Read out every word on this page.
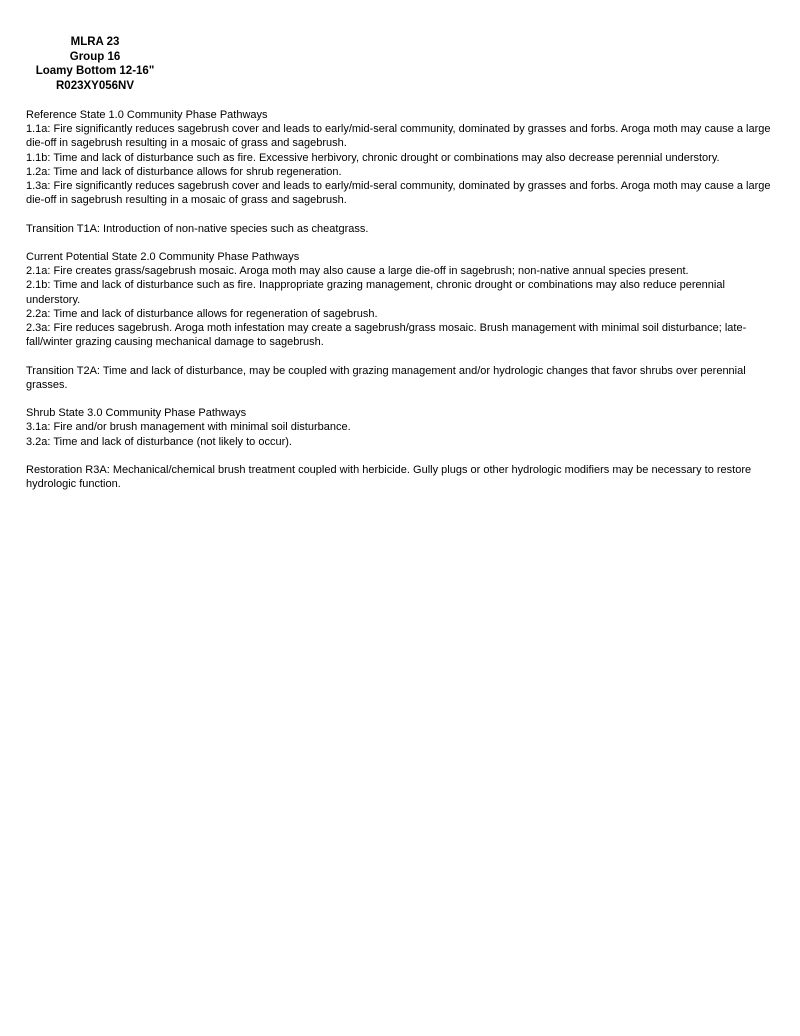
MLRA 23
Group 16
Loamy Bottom 12-16"
R023XY056NV
Reference State 1.0 Community Phase Pathways
1.1a: Fire significantly reduces sagebrush cover and leads to early/mid-seral community, dominated by grasses and forbs. Aroga moth may cause a large die-off in sagebrush resulting in a mosaic of grass and sagebrush.
1.1b: Time and lack of disturbance such as fire. Excessive herbivory, chronic drought or combinations may also decrease perennial understory.
1.2a: Time and lack of disturbance allows for shrub regeneration.
1.3a: Fire significantly reduces sagebrush cover and leads to early/mid-seral community, dominated by grasses and forbs. Aroga moth may cause a large die-off in sagebrush resulting in a mosaic of grass and sagebrush.
Transition T1A: Introduction of non-native species such as cheatgrass.
Current Potential State 2.0 Community Phase Pathways
2.1a: Fire creates grass/sagebrush mosaic. Aroga moth may also cause a large die-off in sagebrush; non-native annual species present.
2.1b: Time and lack of disturbance such as fire. Inappropriate grazing management, chronic drought or combinations may also reduce perennial understory.
2.2a: Time and lack of disturbance allows for regeneration of sagebrush.
2.3a: Fire reduces sagebrush. Aroga moth infestation may create a sagebrush/grass mosaic. Brush management with minimal soil disturbance; late-fall/winter grazing causing mechanical damage to sagebrush.
Transition T2A: Time and lack of disturbance, may be coupled with grazing management and/or hydrologic changes that favor shrubs over perennial grasses.
Shrub State 3.0 Community Phase Pathways
3.1a: Fire and/or brush management with minimal soil disturbance.
3.2a: Time and lack of disturbance (not likely to occur).
Restoration R3A: Mechanical/chemical brush treatment coupled with herbicide. Gully plugs or other hydrologic modifiers may be necessary to restore hydrologic function.
